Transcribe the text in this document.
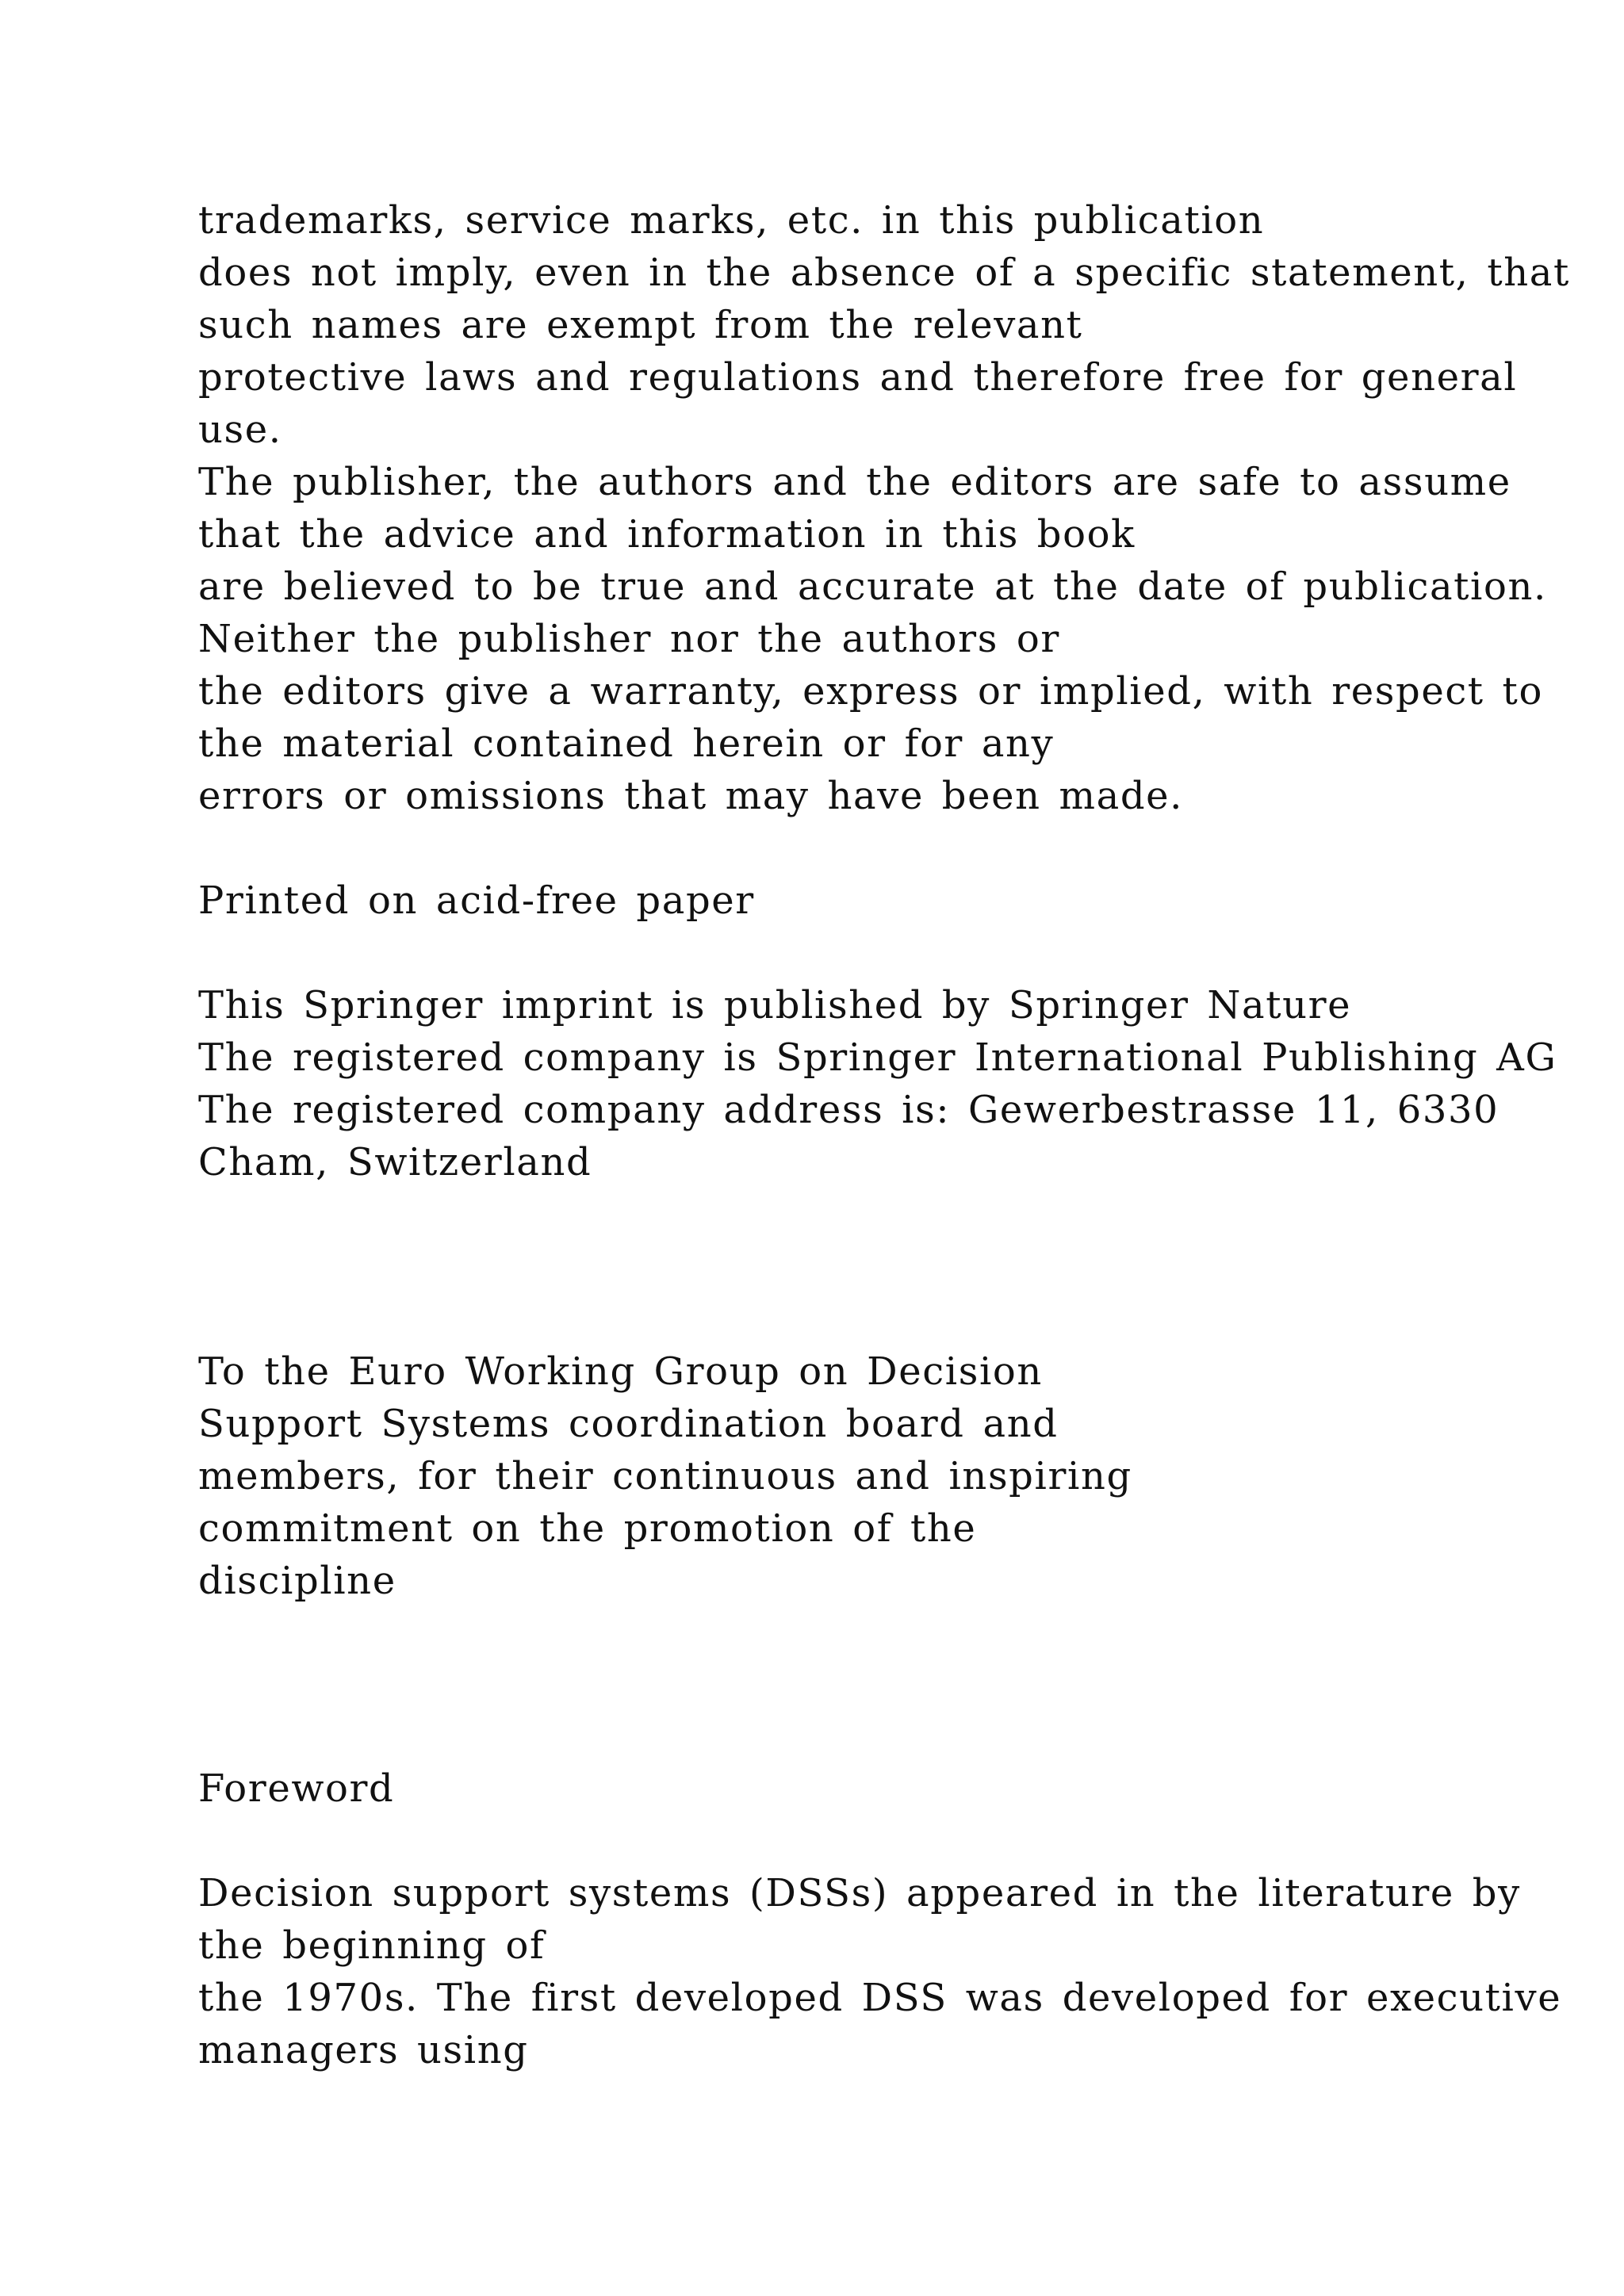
trademarks, service marks, etc. in this publication
does not imply, even in the absence of a specific statement, that
such names are exempt from the relevant
protective laws and regulations and therefore free for general
use.
The publisher, the authors and the editors are safe to assume
that the advice and information in this book
are believed to be true and accurate at the date of publication.
Neither the publisher nor the authors or
the editors give a warranty, express or implied, with respect to
the material contained herein or for any
errors or omissions that may have been made.
Printed on acid-free paper
This Springer imprint is published by Springer Nature
The registered company is Springer International Publishing AG
The registered company address is: Gewerbestrasse 11, 6330
Cham, Switzerland
To the Euro Working Group on Decision
Support Systems coordination board and
members, for their continuous and inspiring
commitment on the promotion of the
discipline
Foreword
Decision support systems (DSSs) appeared in the literature by
the beginning of
the 1970s. The first developed DSS was developed for executive
managers using
